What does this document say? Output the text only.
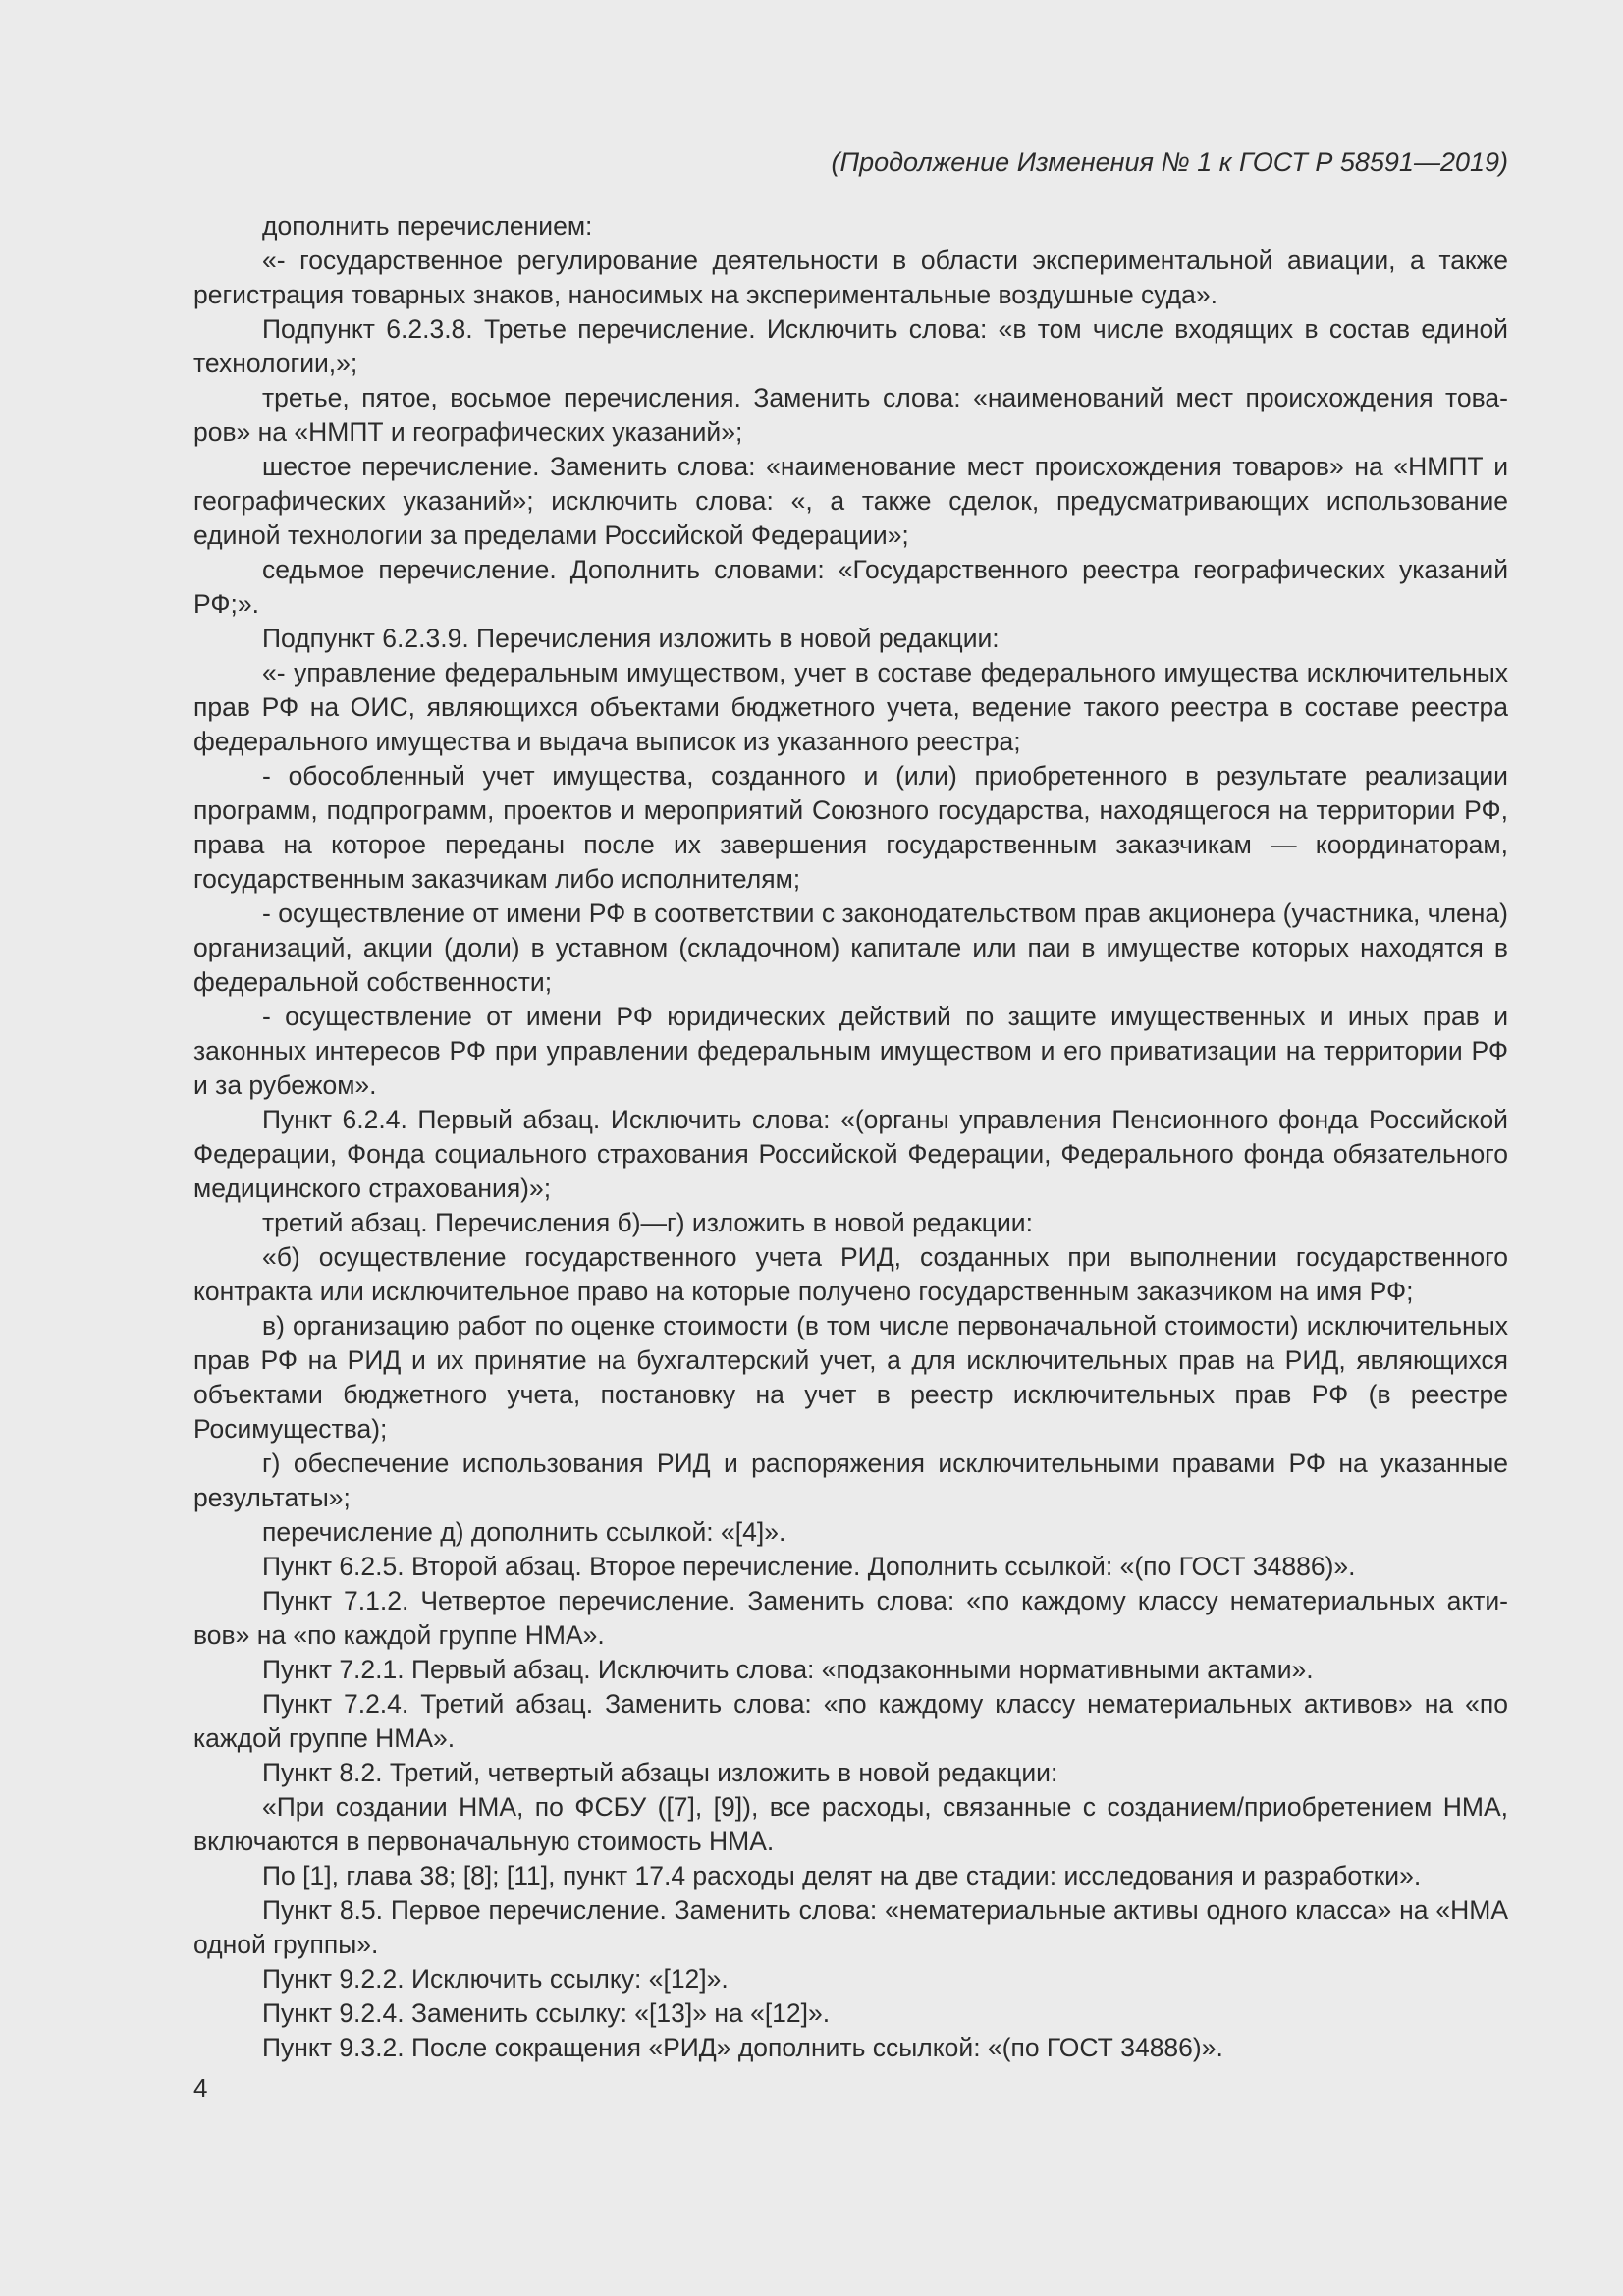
(Продолжение Изменения № 1 к ГОСТ Р 58591—2019)

дополнить перечислением:

«- государственное регулирование деятельности в области экспериментальной авиации, а также регистрация товарных знаков, наносимых на экспериментальные воздушные суда».

Подпункт 6.2.3.8. Третье перечисление. Исключить слова: «в том числе входящих в состав единой технологии,»;

третье, пятое, восьмое перечисления. Заменить слова: «наименований мест происхождения товаров» на «НМПТ и географических указаний»;

шестое перечисление. Заменить слова: «наименование мест происхождения товаров» на «НМПТ и географических указаний»; исключить слова: «, а также сделок, предусматривающих использование единой технологии за пределами Российской Федерации»;

седьмое перечисление. Дополнить словами: «Государственного реестра географических указаний РФ;».

Подпункт 6.2.3.9. Перечисления изложить в новой редакции:

«- управление федеральным имуществом, учет в составе федерального имущества исключительных прав РФ на ОИС, являющихся объектами бюджетного учета, ведение такого реестра в составе реестра федерального имущества и выдача выписок из указанного реестра;

- обособленный учет имущества, созданного и (или) приобретенного в результате реализации программ, подпрограмм, проектов и мероприятий Союзного государства, находящегося на территории РФ, права на которое переданы после их завершения государственным заказчикам — координаторам, государственным заказчикам либо исполнителям;

- осуществление от имени РФ в соответствии с законодательством прав акционера (участника, члена) организаций, акции (доли) в уставном (складочном) капитале или паи в имуществе которых находятся в федеральной собственности;

- осуществление от имени РФ юридических действий по защите имущественных и иных прав и законных интересов РФ при управлении федеральным имуществом и его приватизации на территории РФ и за рубежом».

Пункт 6.2.4. Первый абзац. Исключить слова: «(органы управления Пенсионного фонда Российской Федерации, Фонда социального страхования Российской Федерации, Федерального фонда обязательного медицинского страхования)»;

третий абзац. Перечисления б)—г) изложить в новой редакции:

«б) осуществление государственного учета РИД, созданных при выполнении государственного контракта или исключительное право на которые получено государственным заказчиком на имя РФ;

в) организацию работ по оценке стоимости (в том числе первоначальной стоимости) исключительных прав РФ на РИД и их принятие на бухгалтерский учет, а для исключительных прав на РИД, являющихся объектами бюджетного учета, постановку на учет в реестр исключительных прав РФ (в реестре Росимущества);

г) обеспечение использования РИД и распоряжения исключительными правами РФ на указанные результаты»;

перечисление д) дополнить ссылкой: «[4]».

Пункт 6.2.5. Второй абзац. Второе перечисление. Дополнить ссылкой: «(по ГОСТ 34886)».

Пункт 7.1.2. Четвертое перечисление. Заменить слова: «по каждому классу нематериальных активов» на «по каждой группе НМА».

Пункт 7.2.1. Первый абзац. Исключить слова: «подзаконными нормативными актами».

Пункт 7.2.4. Третий абзац. Заменить слова: «по каждому классу нематериальных активов» на «по каждой группе НМА».

Пункт 8.2. Третий, четвертый абзацы изложить в новой редакции:

«При создании НМА, по ФСБУ ([7], [9]), все расходы, связанные с созданием/приобретением НМА, включаются в первоначальную стоимость НМА.

По [1], глава 38; [8]; [11], пункт 17.4 расходы делят на две стадии: исследования и разработки».

Пункт 8.5. Первое перечисление. Заменить слова: «нематериальные активы одного класса» на «НМА одной группы».

Пункт 9.2.2. Исключить ссылку: «[12]».

Пункт 9.2.4. Заменить ссылку: «[13]» на «[12]».

Пункт 9.3.2. После сокращения «РИД» дополнить ссылкой: «(по ГОСТ 34886)».

4
